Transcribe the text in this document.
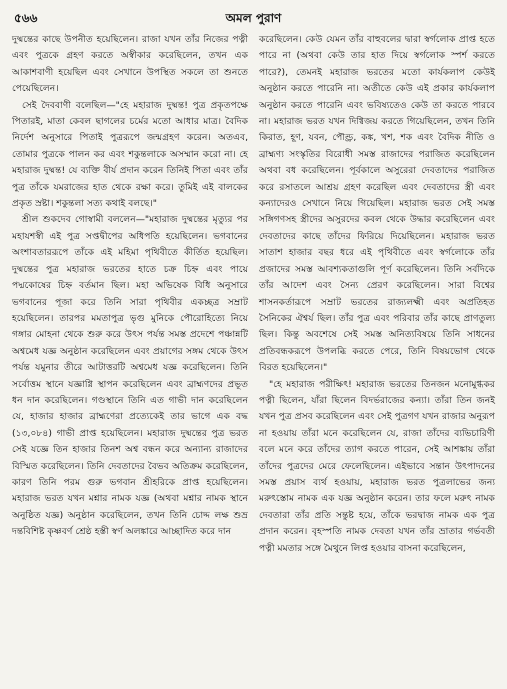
৫৬৬	অমল পুরাণ

দুষ্মন্তের কাছে উপনীত হয়েছিলেন। রাজা যখন তাঁর নিজের পত্নী এবং পুত্রকে গ্রহণ করতে অস্বীকার করেছিলেন, তখন এক আকাশবাণী হয়েছিল এবং সেখানে উপস্থিত সকলে তা শুনতে পেয়েছিলেন।

সেই দৈববাণী বলেছিল—"হে মহারাজ দুষ্মন্ত! পুত্র প্রকৃতপক্ষে পিতারই, মাতা কেবল ছাগলের চর্মের মতো আধার মাত্র। বৈদিক নির্দেশ অনুসারে পিতাই পুত্ররূপে জন্মগ্রহণ করেন। অতএব, তোমার পুত্রকে পালন কর এবং শকুন্তলাকে অসম্মান করো না। হে মহারাজ দুষ্মন্ত! যে ব্যক্তি বীর্য প্রদান করেন তিনিই পিতা এবং তাঁর পুত্র তাঁকে যমরাজের হাত থেকে রক্ষা করে। তুমিই এই বালকের প্রকৃত স্রষ্টা। শকুন্তলা সত্য কথাই বলছে।"

শ্রীল শুকদেব গোস্বামী বললেন—"মহারাজ দুষ্মন্তের মৃত্যুর পর মহাযশস্বী এই পুত্র সপ্তদ্বীপের অধিপতি হয়েছিলেন। ভগবানের অংশাবতাররূপে তাঁকে এই মহিমা পৃথিবীতে কীর্তিত হয়েছিল। দুষ্মন্তের পুত্র মহারাজ ভরতের হাতে চক্র চিহ্ন এবং পায়ে পদ্মকোষের চিহ্ন বর্তমান ছিল। মহা অভিষেক বিধি অনুসারে ভগবানের পূজা করে তিনি সারা পৃথিবীর একচ্ছত্র সম্রাট হয়েছিলেন। তারপর মমতাপুত্র ভৃগু মুনিকে পৌরোহিত্যে নিয়ে গঙ্গার মোহনা থেকে শুরু করে উৎস পর্যন্ত সমস্ত প্রদেশে পঞ্চান্নটি অশ্বমেধ যজ্ঞ অনুষ্ঠান করেছিলেন এবং প্রয়াগের সঙ্গম থেকে উৎস পর্যন্ত যমুনার তীরে আটাত্তরটি অশ্বমেধ যজ্ঞ করেছিলেন। তিনি সর্বোত্তম স্থানে যজ্ঞাগ্নি স্থাপন করেছিলেন এবং ব্রাহ্মণদের প্রভূত ধন দান করেছিলেন। গণ্ডস্থানে তিনি এত গাভী দান করেছিলেন যে, হাজার হাজার ব্রাহ্মণেরা প্রত্যেকেই তার ভাগে এক বদ্ধ (১৩,০৮৪) গাভী প্রাপ্ত হয়েছিলেন। মহারাজ দুষ্মন্তের পুত্র ভরত সেই যজ্ঞে তিন হাজার তিনশ অশ্ব বন্ধন করে অন্যান্য রাজাদের বিস্মিত করেছিলেন। তিনি দেবতাদের বৈভব অতিক্রম করেছিলেন, কারণ তিনি পরম গুরু ভগবান শ্রীহরিকে প্রাপ্ত হয়েছিলেন। মহারাজ ভরত যখন মশ্নার নামক যজ্ঞ (অথবা মশ্নার নামক স্থানে অনুষ্ঠিত যজ্ঞ) অনুষ্ঠান করেছিলেন, তখন তিনি চোদ্দ লক্ষ শুভ্র দন্তবিশিষ্ট কৃষ্ণবর্ণ শ্রেষ্ঠ হস্তী স্বর্ণ অলঙ্কারে আচ্ছাদিত করে দান

করেছিলেন। কেউ যেমন তাঁর বাহুবলের দ্বারা স্বর্গলোক প্রাপ্ত হতে পারে না (অথবা কেউ তার হাত দিয়ে স্বর্গলোক স্পর্শ করতে পারে?), তেমনই মহারাজ ভরতের মতো কার্যকলাপ কেউই অনুষ্ঠান করতে পারেনি না। অতীতে কেউ এই প্রকার কার্যকলাপ অনুষ্ঠান করতে পারেনি এবং ভবিষ্যতেও কেউ তা করতে পারবে না। মহারাজ ভরত যখন দিগ্বিজয় করতে গিয়েছিলেন, তখন তিনি কিরাত, হূণ, যবন, পৌণ্ড্র, কঙ্ক, খশ, শক এবং বৈদিক নীতি ও ব্রাহ্মণ্য সংস্কৃতির বিরোধী সমস্ত রাজাদের পরাজিত করেছিলেন অথবা বধ করেছিলেন। পূর্বকালে অসুরেরা দেবতাদের পরাজিত করে রসাতলে আশ্রয় গ্রহণ করেছিল এবং দেবতাদের স্ত্রী এবং কন্যাদেরও সেখানে নিয়ে গিয়েছিল। মহারাজ ভরত সেই সমস্ত সঙ্গিগণসহ স্ত্রীদের অসুরদের কবল থেকে উদ্ধার করেছিলেন এবং দেবতাদের কাছে তাঁদের ফিরিয়ে দিয়েছিলেন। মহারাজ ভরত সাতাশ হাজার বছর ধরে এই পৃথিবীতে এবং স্বর্গলোকে তাঁর প্রজাদের সমস্ত আবশ্যকতাগুলি পূর্ণ করেছিলেন। তিনি সর্বদিকে তাঁর আদেশ এবং সৈন্য প্রেরণ করেছিলেন। সারা বিশ্বের শাসনকর্তারূপে সম্রাট ভরতের রাজ্যলক্ষ্মী এবং অপ্রতিহত সৈনিকের ঐশ্বর্য ছিল। তাঁর পুত্র এবং পরিবার তাঁর কাছে প্রাণতুল্য ছিল। কিন্তু অবশেষে সেই সমস্ত অনিত্যবিষয়ে তিনি সাধনের প্রতিবন্ধকরূপে উপলব্ধি করতে পেরে, তিনি বিষয়ভোগ থেকে বিরত হয়েছিলেন।"

"হে মহারাজ পরীক্ষিৎ! মহারাজ ভরতের তিনজন মনোমুগ্ধকর পত্নী ছিলেন, যাঁরা ছিলেন বিদর্ভরাজের কন্যা। তাঁরা তিন জনই যখন পুত্র প্রসব করেছিলেন এবং সেই পুত্রগণ যখন রাজার অনুরূপ না হওয়ায় তাঁরা মনে করেছিলেন যে, রাজা তাঁদের ব্যভিচারিণী বলে মনে করে তাঁদের ত্যাগ করতে পারেন, সেই আশঙ্কায় তাঁরা তাঁদের পুত্রদের মেরে ফেলেছিলেন। এইভাবে সন্তান উৎপাদনের সমস্ত প্রয়াস ব্যর্থ হওয়ায়, মহারাজ ভরত পুত্রলাভের জন্য মরুৎস্তোম নামক এক যজ্ঞ অনুষ্ঠান করেন। তার ফলে মরুৎ নামক দেবতারা তাঁর প্রতি সন্তুষ্ট হয়ে, তাঁকে ভরদ্বাজ নামক এক পুত্র প্রদান করেন। বৃহস্পতি নামক দেবতা যখন তাঁর ভ্রাতার গর্ভবতী পত্নী মমতার সঙ্গে মৈথুনে লিপ্ত হওয়ার বাসনা করেছিলেন,
